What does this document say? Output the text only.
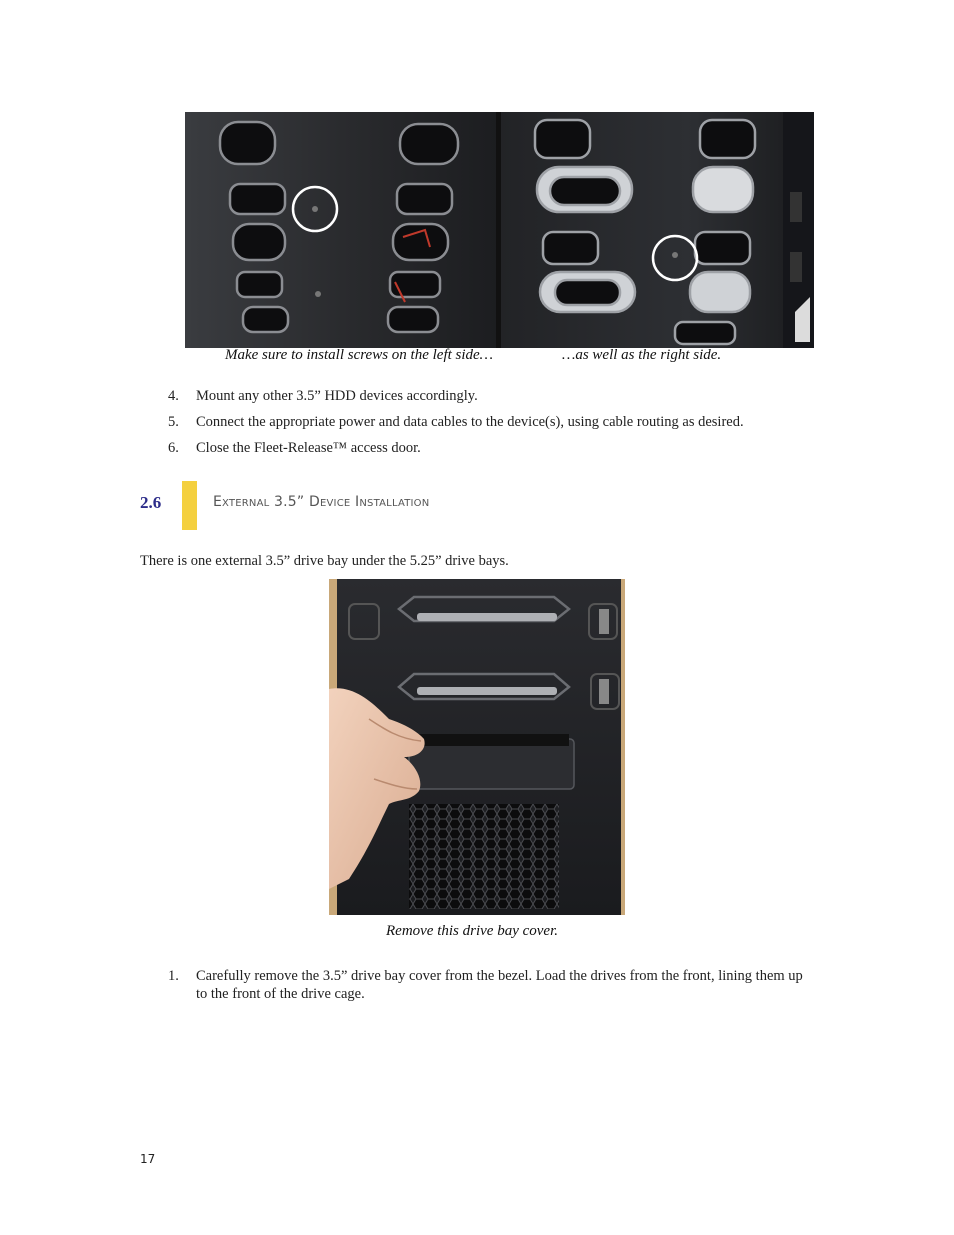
Make sure to install screws on the left side…	…as well as the right side.
4.	Mount any other 3.5” HDD devices accordingly.
5.	Connect the appropriate power and data cables to the device(s), using cable routing as desired.
6.	Close the Fleet-Release™ access door.
2.6	External 3.5” Device Installation
There is one external 3.5” drive bay under the 5.25” drive bays.
Remove this drive bay cover.
1.	Carefully remove the 3.5” drive bay cover from the bezel. Load the drives from the front, lining them up to the front of the drive cage.
17
